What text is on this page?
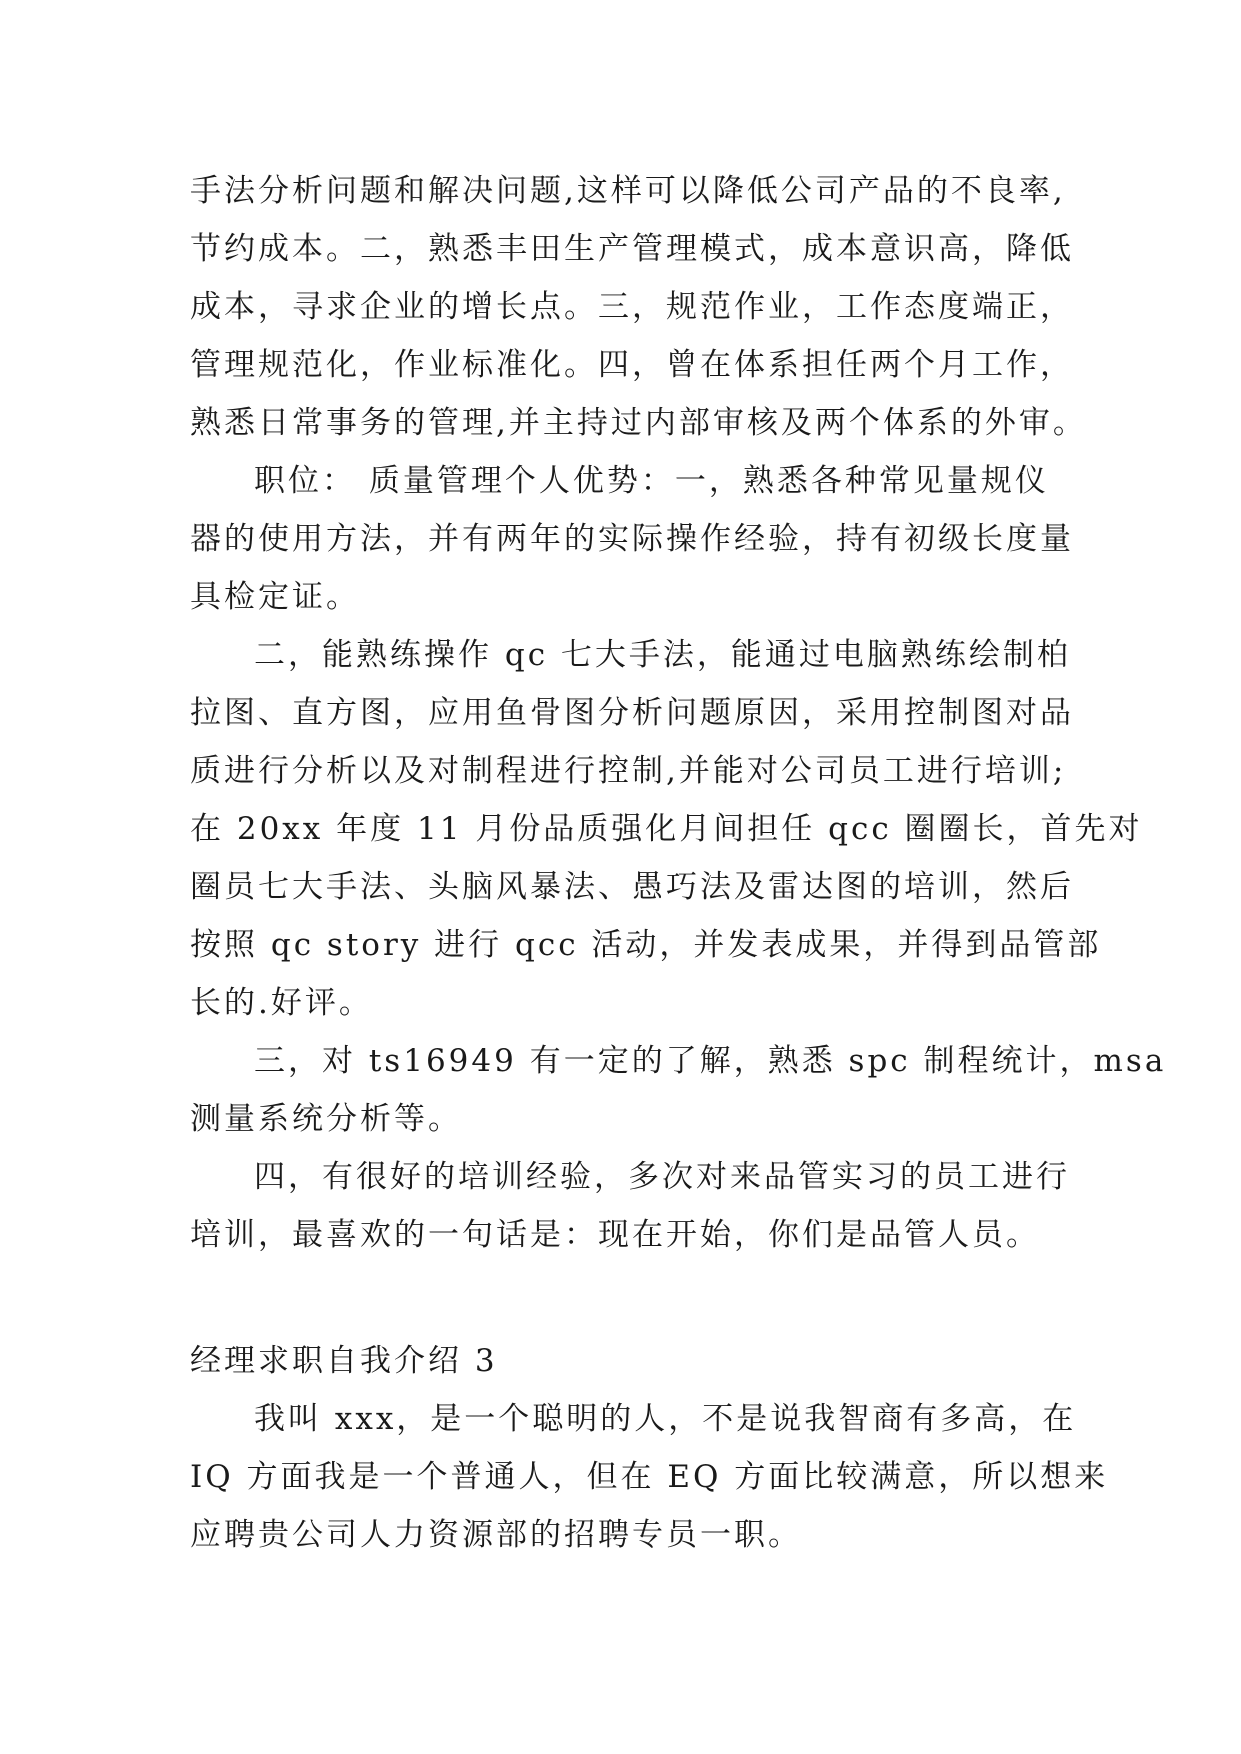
手法分析问题和解决问题,这样可以降低公司产品的不良率,
节约成本。二，熟悉丰田生产管理模式，成本意识高，降低
成本，寻求企业的增长点。三，规范作业，工作态度端正，
管理规范化，作业标准化。四，曾在体系担任两个月工作，
熟悉日常事务的管理,并主持过内部审核及两个体系的外审。
职位： 质量管理个人优势：一，熟悉各种常见量规仪
器的使用方法，并有两年的实际操作经验，持有初级长度量
具检定证。
二，能熟练操作 qc 七大手法，能通过电脑熟练绘制柏
拉图、直方图，应用鱼骨图分析问题原因，采用控制图对品
质进行分析以及对制程进行控制,并能对公司员工进行培训;
在 20xx 年度 11 月份品质强化月间担任 qcc 圈圈长，首先对
圈员七大手法、头脑风暴法、愚巧法及雷达图的培训，然后
按照 qc story 进行 qcc 活动，并发表成果，并得到品管部
长的.好评。
三，对 ts16949 有一定的了解，熟悉 spc 制程统计，msa
测量系统分析等。
四，有很好的培训经验，多次对来品管实习的员工进行
培训，最喜欢的一句话是：现在开始，你们是品管人员。
经理求职自我介绍 3
我叫 xxx，是一个聪明的人，不是说我智商有多高，在
IQ 方面我是一个普通人，但在 EQ 方面比较满意，所以想来
应聘贵公司人力资源部的招聘专员一职。
